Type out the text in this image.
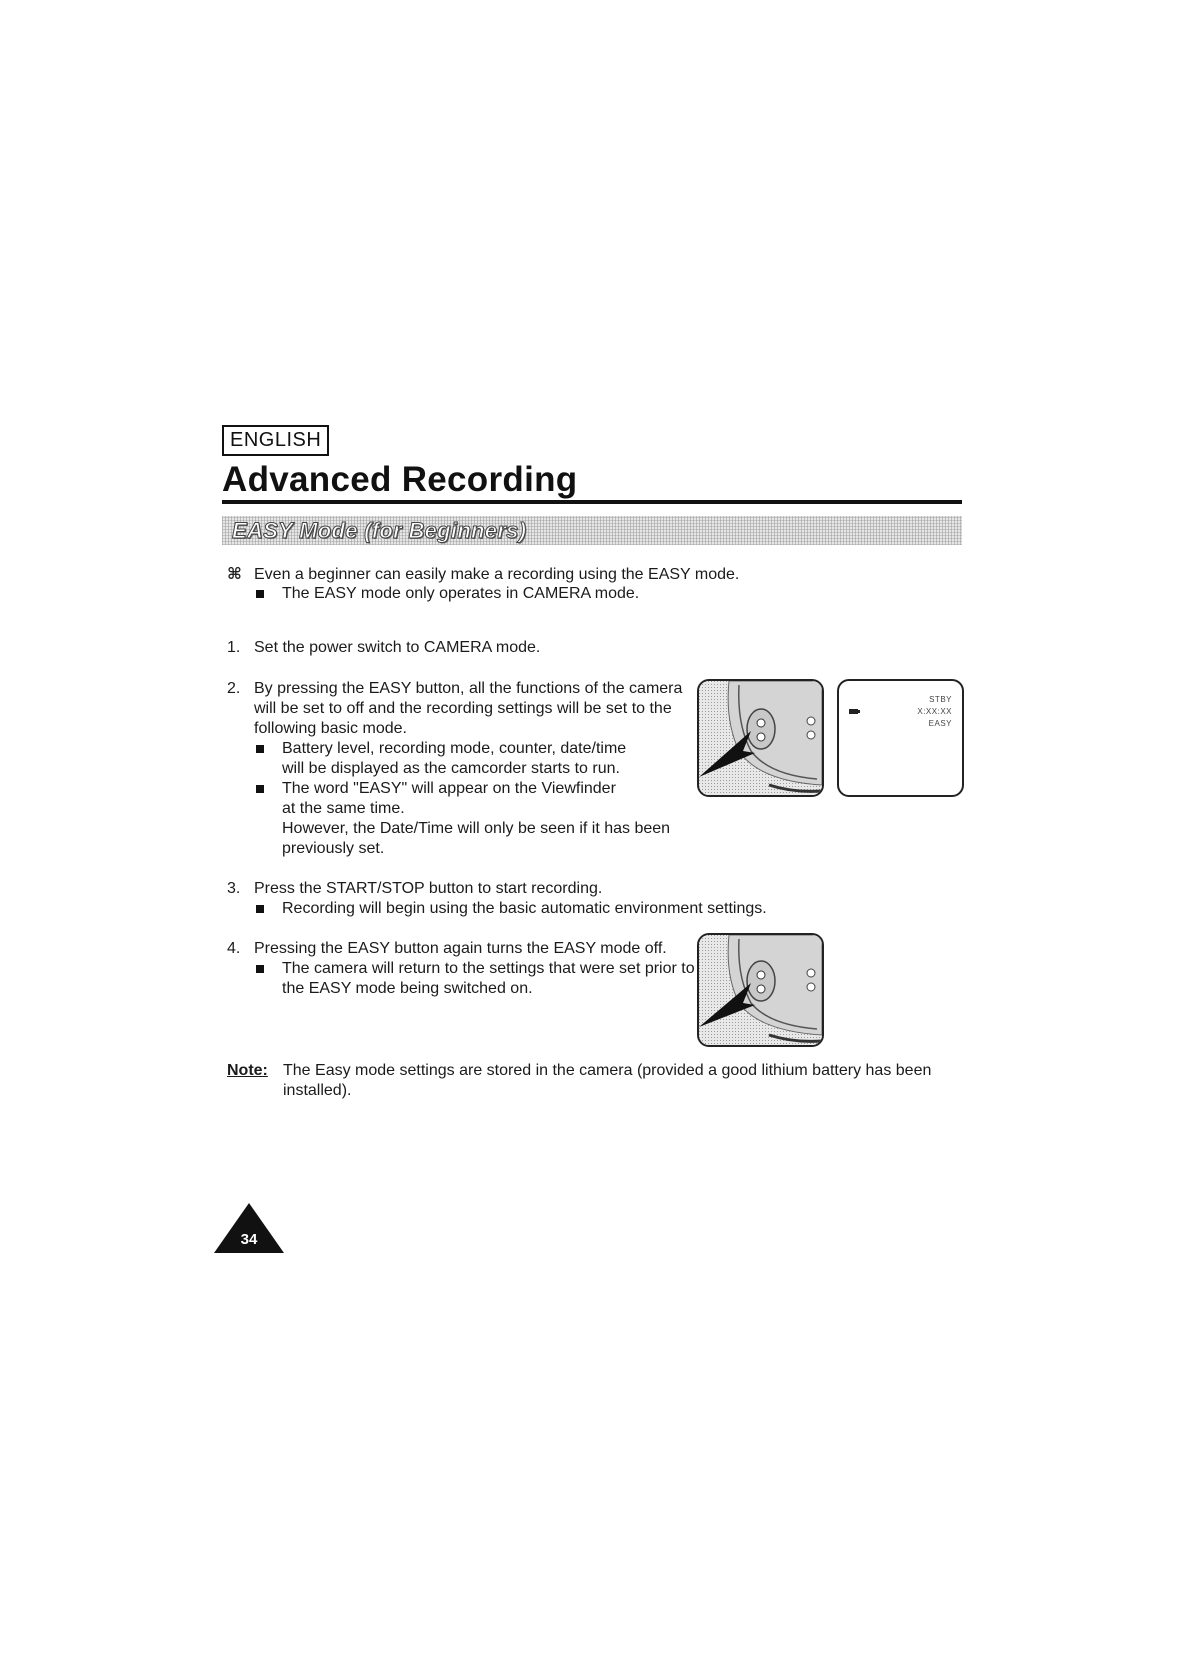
ENGLISH
Advanced Recording
EASY Mode (for Beginners)
⌘ Even a beginner can easily make a recording using the EASY mode.
The EASY mode only operates in CAMERA mode.
1. Set the power switch to CAMERA mode.
2. By pressing the EASY button, all the functions of the camera
will be set to off and the recording settings will be set to the
following basic mode.
Battery level, recording mode, counter, date/time
will be displayed as the camcorder starts to run.
The word "EASY" will appear on the Viewfinder
at the same time.
However, the Date/Time will only be seen if it has been
previously set.
STBY
X:XX:XX
EASY
3. Press the START/STOP button to start recording.
Recording will begin using the basic automatic environment settings.
4. Pressing the EASY button again turns the EASY mode off.
The camera will return to the settings that were set prior to
the EASY mode being switched on.
Note: The Easy mode settings are stored in the camera (provided a good lithium battery has been
installed).
34
